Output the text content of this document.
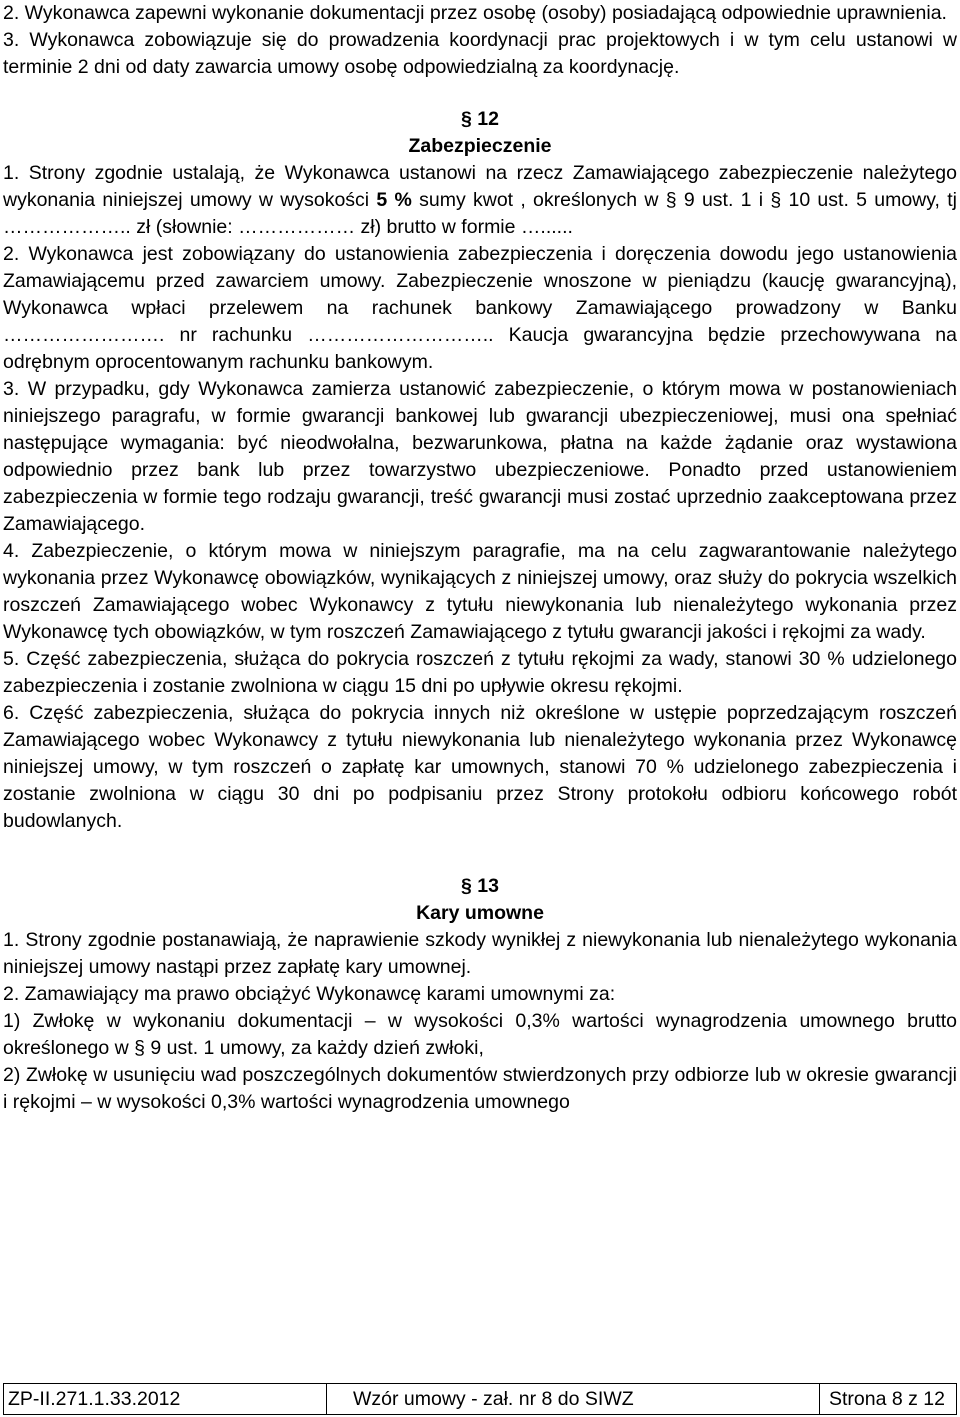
2. Wykonawca zapewni wykonanie dokumentacji przez osobę (osoby) posiadającą odpowiednie uprawnienia.

3. Wykonawca zobowiązuje się do prowadzenia koordynacji prac projektowych i w tym celu ustanowi w terminie 2 dni od daty zawarcia umowy osobę odpowiedzialną za koordynację.

§ 12

Zabezpieczenie

1. Strony zgodnie ustalają, że Wykonawca ustanowi na rzecz Zamawiającego zabezpieczenie należytego wykonania niniejszej umowy w wysokości 5 % sumy kwot , określonych w § 9 ust. 1 i § 10 ust. 5 umowy, tj ……………….. zł (słownie: ……………… zł) brutto w formie …......

2. Wykonawca jest zobowiązany do ustanowienia zabezpieczenia i doręczenia dowodu jego ustanowienia Zamawiającemu przed zawarciem umowy. Zabezpieczenie wnoszone w pieniądzu (kaucję gwarancyjną), Wykonawca wpłaci przelewem na rachunek bankowy Zamawiającego prowadzony w Banku ……………………. nr rachunku ……………………….. Kaucja gwarancyjna będzie przechowywana na odrębnym oprocentowanym rachunku bankowym.

3. W przypadku, gdy Wykonawca zamierza ustanowić zabezpieczenie, o którym mowa w postanowieniach niniejszego paragrafu, w formie gwarancji bankowej lub gwarancji ubezpieczeniowej, musi ona spełniać następujące wymagania: być nieodwołalna, bezwarunkowa, płatna na każde żądanie oraz wystawiona odpowiednio przez bank lub przez towarzystwo ubezpieczeniowe. Ponadto przed ustanowieniem zabezpieczenia w formie tego rodzaju gwarancji, treść gwarancji musi zostać uprzednio zaakceptowana przez Zamawiającego.

4. Zabezpieczenie, o którym mowa w niniejszym paragrafie, ma na celu zagwarantowanie należytego wykonania przez Wykonawcę obowiązków, wynikających z niniejszej umowy, oraz służy do pokrycia wszelkich roszczeń Zamawiającego wobec Wykonawcy z tytułu niewykonania lub nienależytego wykonania przez Wykonawcę tych obowiązków, w tym roszczeń Zamawiającego z tytułu gwarancji jakości i rękojmi za wady.

5. Część zabezpieczenia, służąca do pokrycia roszczeń z tytułu rękojmi za wady, stanowi 30 % udzielonego zabezpieczenia i zostanie zwolniona w ciągu 15 dni po upływie okresu rękojmi.

6. Część zabezpieczenia, służąca do pokrycia innych niż określone w ustępie poprzedzającym roszczeń Zamawiającego wobec Wykonawcy z tytułu niewykonania lub nienależytego wykonania przez Wykonawcę niniejszej umowy, w tym roszczeń o zapłatę kar umownych, stanowi 70 % udzielonego zabezpieczenia i zostanie zwolniona w ciągu 30 dni po podpisaniu przez Strony protokołu odbioru końcowego robót budowlanych.

§ 13

Kary umowne

1. Strony zgodnie postanawiają, że naprawienie szkody wynikłej z niewykonania lub nienależytego wykonania niniejszej umowy nastąpi przez zapłatę kary umownej.

2. Zamawiający ma prawo obciążyć Wykonawcę karami umownymi za:

1) Zwłokę w wykonaniu dokumentacji – w wysokości 0,3% wartości wynagrodzenia umownego brutto określonego w § 9 ust. 1 umowy, za każdy dzień zwłoki,

2) Zwłokę w usunięciu wad poszczególnych dokumentów stwierdzonych przy odbiorze lub w okresie gwarancji i rękojmi – w wysokości 0,3% wartości wynagrodzenia umownego

ZP-II.271.1.33.2012	Wzór umowy - zał. nr 8 do SIWZ	Strona 8 z 12
